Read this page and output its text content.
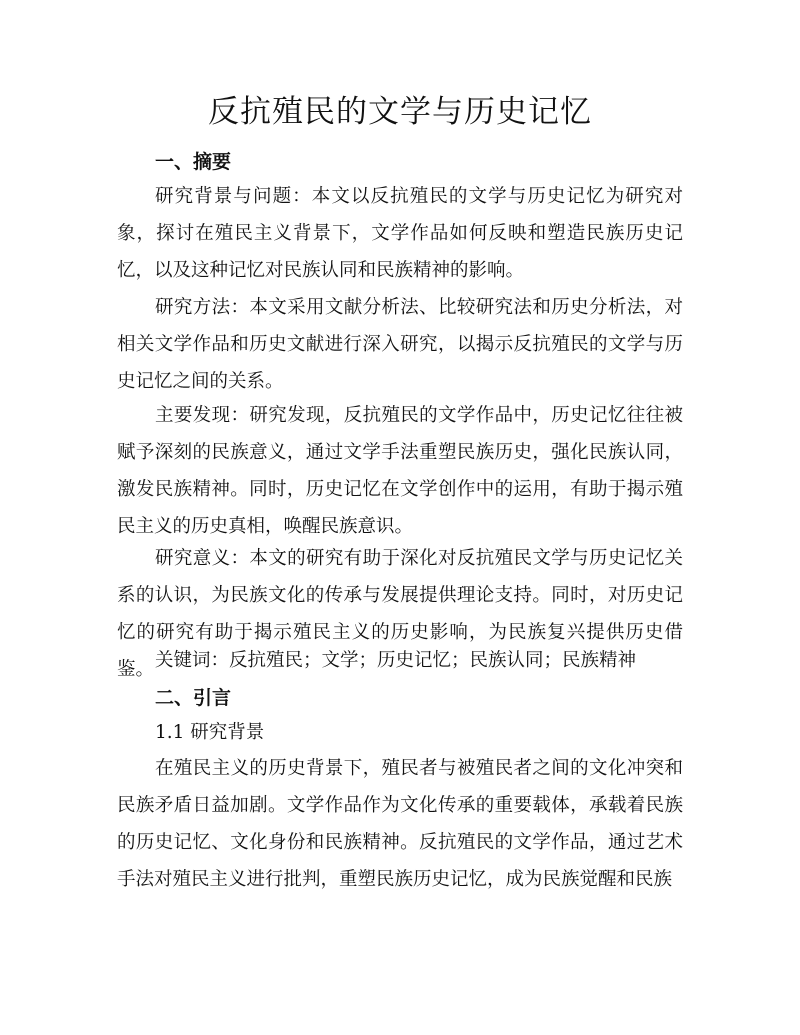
反抗殖民的文学与历史记忆
一、摘要

研究背景与问题：本文以反抗殖民的文学与历史记忆为研究对象，探讨在殖民主义背景下，文学作品如何反映和塑造民族历史记忆，以及这种记忆对民族认同和民族精神的影响。

研究方法：本文采用文献分析法、比较研究法和历史分析法，对相关文学作品和历史文献进行深入研究，以揭示反抗殖民的文学与历史记忆之间的关系。

主要发现：研究发现，反抗殖民的文学作品中，历史记忆往往被赋予深刻的民族意义，通过文学手法重塑民族历史，强化民族认同，激发民族精神。同时，历史记忆在文学创作中的运用，有助于揭示殖民主义的历史真相，唤醒民族意识。

研究意义：本文的研究有助于深化对反抗殖民文学与历史记忆关系的认识，为民族文化的传承与发展提供理论支持。同时，对历史记忆的研究有助于揭示殖民主义的历史影响，为民族复兴提供历史借鉴。 关键词：反抗殖民；文学；历史记忆；民族认同；民族精神

二、引言

1.1 研究背景

在殖民主义的历史背景下，殖民者与被殖民者之间的文化冲突和民族矛盾日益加剧。文学作品作为文化传承的重要载体，承载着民族的历史记忆、文化身份和民族精神。反抗殖民的文学作品，通过艺术手法对殖民主义进行批判，重塑民族历史记忆，成为民族觉醒和民族
